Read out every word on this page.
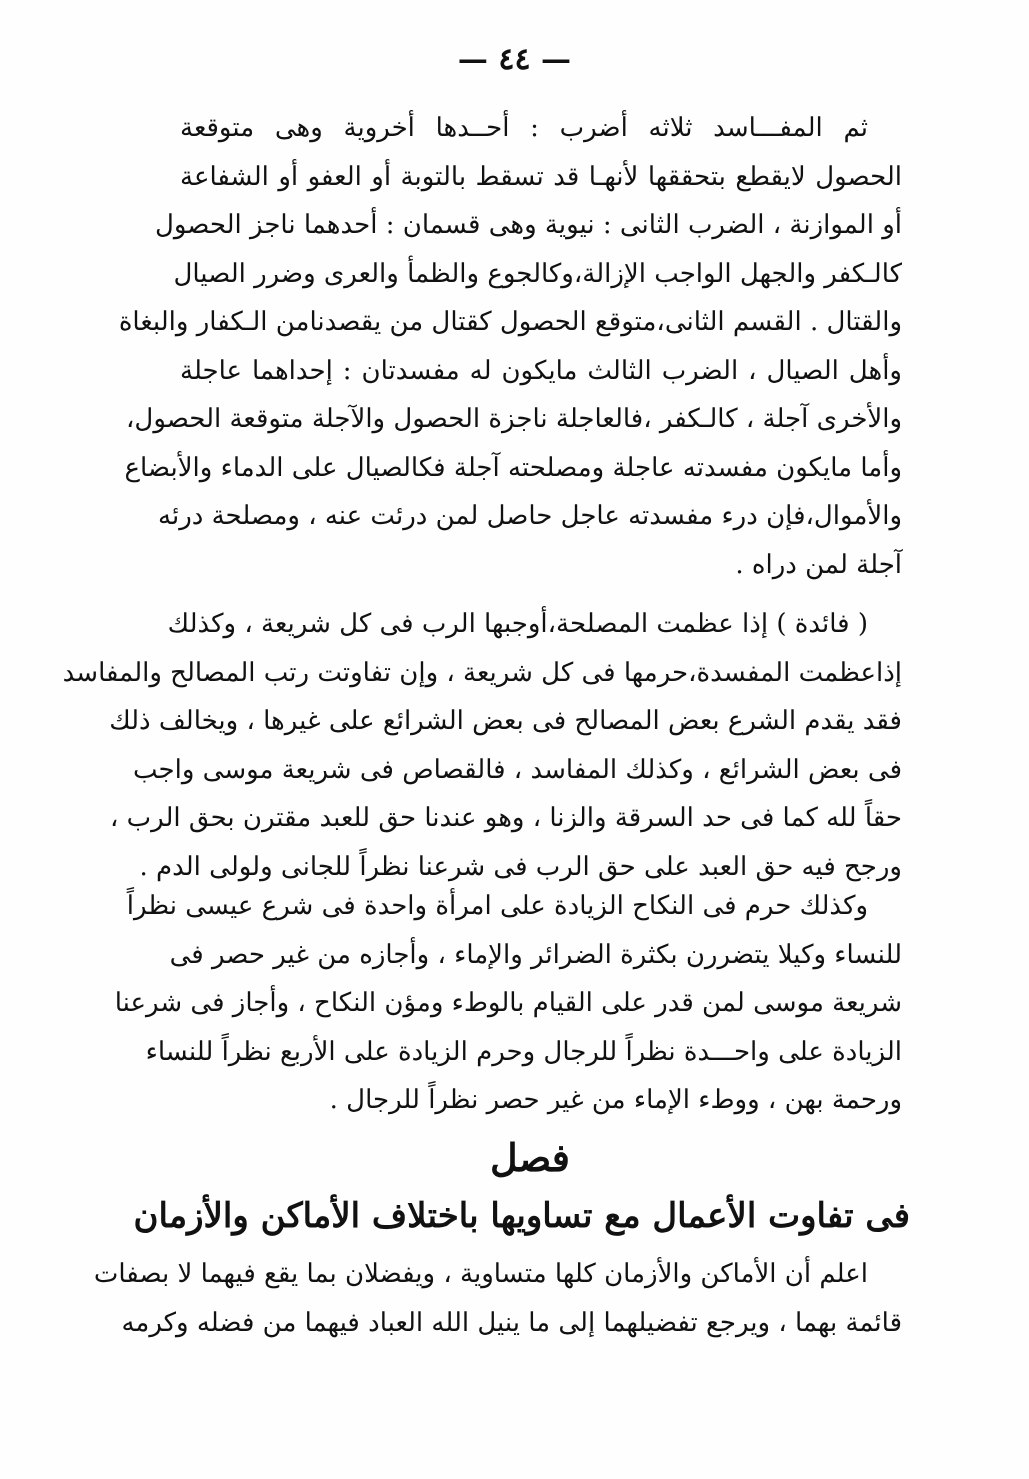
— ٤٤ —
ثم المفـــاسد ثلاثه أضرب : أحــدها أخروية وهى متوقعة
الحصول لايقطع بتحققها لأنهـا قد تسقط بالتوبة أو العفو أو الشفاعة
أو الموازنة ، الضرب الثانى : نيوية وهى قسمان : أحدهما ناجز الحصول
كالـكفر والجهل الواجب الإزالة،وكالجوع والظمأ والعرى وضرر الصيال
والقتال . القسم الثانى،متوقع الحصول كقتال من يقصدنامن الـكفار والبغاة
وأهل الصيال ، الضرب الثالث مايكون له مفسدتان : إحداهما عاجلة
والأخرى آجلة ، كالـكفر ،فالعاجلة ناجزة الحصول والآجلة متوقعة الحصول،
وأما مايكون مفسدته عاجلة ومصلحته آجلة فكالصيال على الدماء والأبضاع
والأموال،فإن درء مفسدته عاجل حاصل لمن درئت عنه ، ومصلحة درئه
آجلة لمن دراه .
( فائدة ) إذا عظمت المصلحة،أوجبها الرب فى كل شريعة ، وكذلك
إذاعظمت المفسدة،حرمها فى كل شريعة ، وإن تفاوتت رتب المصالح والمفاسد
فقد يقدم الشرع بعض المصالح فى بعض الشرائع على غيرها ، ويخالف ذلك
فى بعض الشرائع ، وكذلك المفاسد ، فالقصاص فى شريعة موسى واجب
حقاً لله كما فى حد السرقة والزنا ، وهو عندنا حق للعبد مقترن بحق الرب ،
ورجح فيه حق العبد على حق الرب فى شرعنا نظراً للجانى ولولى الدم .
وكذلك حرم فى النكاح الزيادة على امرأة واحدة فى شرع عيسى نظراً
للنساء وكيلا يتضررن بكثرة الضرائر والإماء ، وأجازه من غير حصر فى
شريعة موسى لمن قدر على القيام بالوطء ومؤن النكاح ، وأجاز فى شرعنا
الزيادة على واحـــدة نظراً للرجال وحرم الزيادة على الأربع نظراً للنساء
ورحمة بهن ، ووطء الإماء من غير حصر نظراً للرجال .
فصل
فى تفاوت الأعمال مع تساويها باختلاف الأماكن والأزمان
اعلم أن الأماكن والأزمان كلها متساوية ، ويفضلان بما يقع فيهما لا بصفات
قائمة بهما ، ويرجع تفضيلهما إلى ما ينيل الله العباد فيهما من فضله وكرمه
